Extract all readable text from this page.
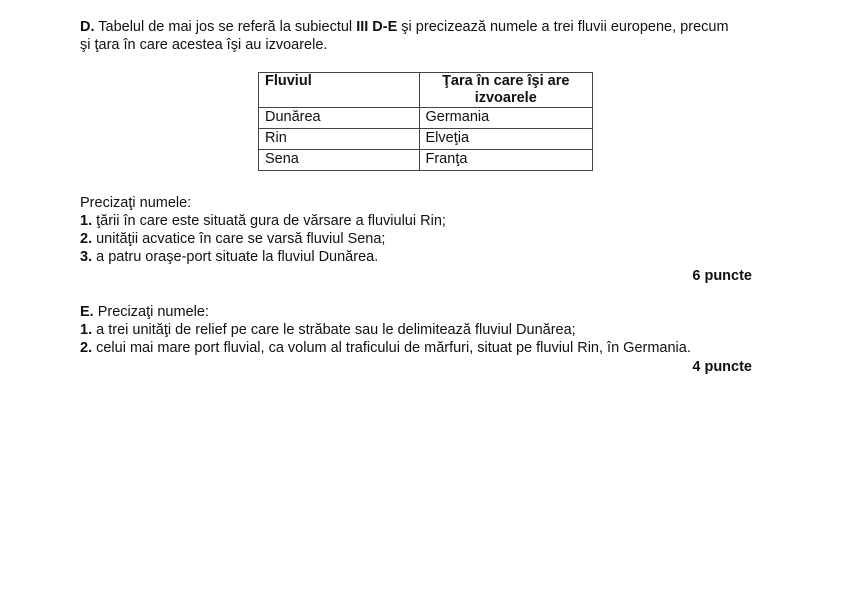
D. Tabelul de mai jos se referă la subiectul III D-E şi precizează numele a trei fluvii europene, precum
şi ţara în care acestea îşi au izvoarele.

Fluviul	Ţara în care îşi are izvoarele
Dunărea	Germania
Rin	Elveţia
Sena	Franţa
Precizaţi numele:
1. ţării în care este situată gura de vărsare a fluviului Rin;
2. unităţii acvatice în care se varsă fluviul Sena;
3. a patru oraşe-port situate la fluviul Dunărea.
6 puncte
E. Precizaţi numele:
1. a trei unităţi de relief pe care le străbate sau le delimitează fluviul Dunărea;
2. celui mai mare port fluvial, ca volum al traficului de mărfuri, situat pe fluviul Rin, în Germania.
4 puncte
